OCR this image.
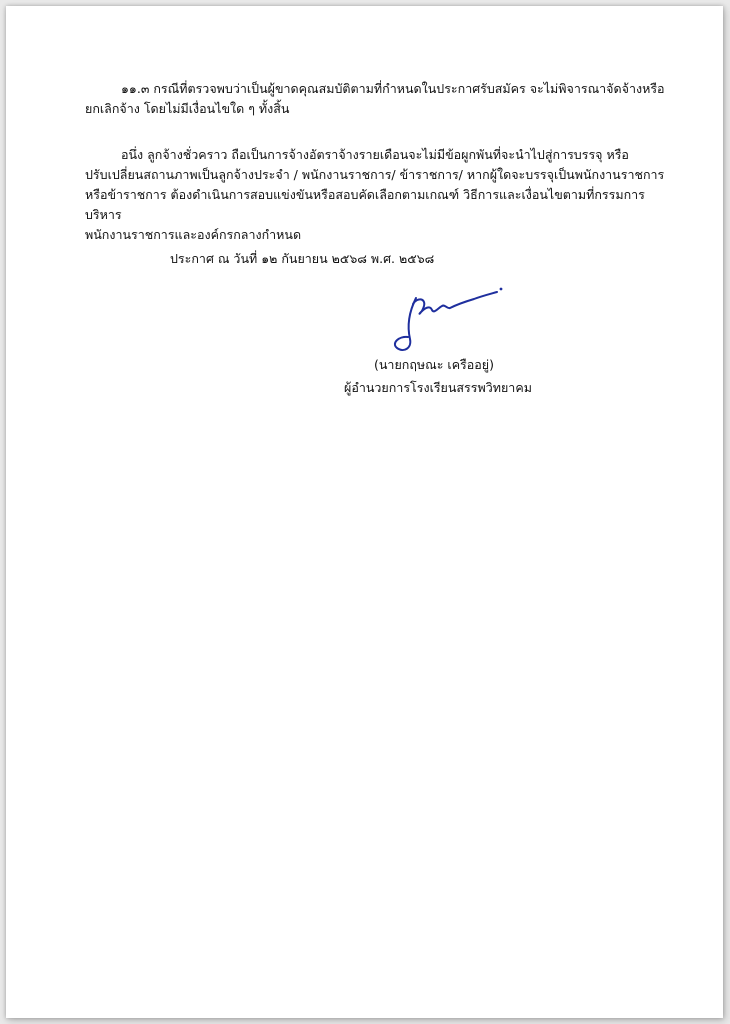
๑๑.๓ กรณีที่ตรวจพบว่าเป็นผู้ขาดคุณสมบัติตามที่กำหนดในประกาศรับสมัคร จะไม่พิจารณาจัดจ้างหรือ
ยกเลิกจ้าง โดยไม่มีเงื่อนไขใด ๆ ทั้งสิ้น
อนึ่ง ลูกจ้างชั่วคราว ถือเป็นการจ้างอัตราจ้างรายเดือนจะไม่มีข้อผูกพันที่จะนำไปสู่การบรรจุ หรือ
ปรับเปลี่ยนสถานภาพเป็นลูกจ้างประจำ / พนักงานราชการ/ ข้าราชการ/ หากผู้ใดจะบรรจุเป็นพนักงานราชการ
หรือข้าราชการ ต้องดำเนินการสอบแข่งขันหรือสอบคัดเลือกตามเกณฑ์ วิธีการและเงื่อนไขตามที่กรรมการบริหาร
พนักงานราชการและองค์กรกลางกำหนด
ประกาศ ณ วันที่ ๑๒ กันยายน ๒๕๖๘ พ.ศ. ๒๕๖๘
(นายกฤษณะ เครืออยู่)
ผู้อำนวยการโรงเรียนสรรพวิทยาคม
